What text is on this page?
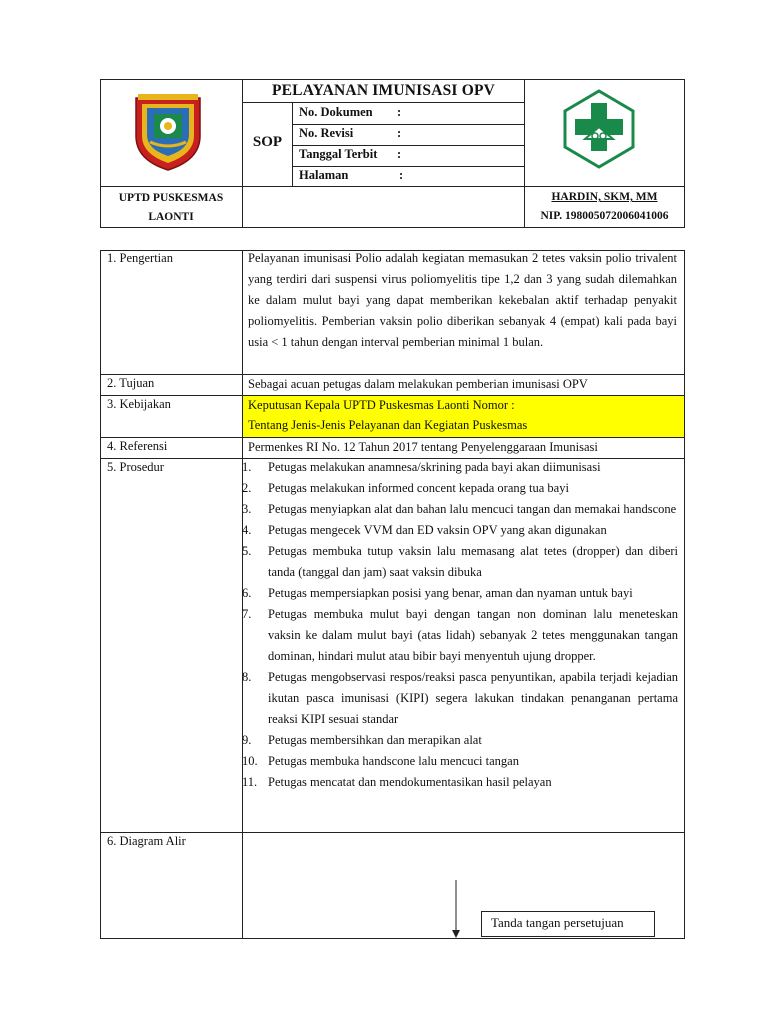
PELAYANAN IMUNISASI OPV
SOP
No. Dokumen :
No. Revisi	:
Tanggal Terbit :
Halaman	:
UPTD PUSKESMAS
LAONTI
HARDIN, SKM, MM
NIP. 198005072006041006
1. Pengertian	Pelayanan imunisasi Polio adalah kegiatan memasukan 2 tetes vaksin polio trivalent yang terdiri dari suspensi virus poliomyelitis tipe 1,2 dan 3 yang sudah dilemahkan ke dalam mulut bayi yang dapat memberikan kekebalan aktif terhadap penyakit poliomyelitis. Pemberian vaksin polio diberikan sebanyak 4 (empat) kali pada bayi usia < 1 tahun dengan interval pemberian minimal 1 bulan.
2. Tujuan	Sebagai acuan petugas dalam melakukan pemberian imunisasi OPV
3. Kebijakan	Keputusan Kepala UPTD Puskesmas Laonti Nomor :
Tentang Jenis-Jenis Pelayanan dan Kegiatan Puskesmas
4. Referensi	Permenkes RI No. 12 Tahun 2017 tentang Penyelenggaraan Imunisasi
5. Prosedur	1. Petugas melakukan anamnesa/skrining pada bayi akan diimunisasi
2. Petugas melakukan informed concent kepada orang tua bayi
3. Petugas menyiapkan alat dan bahan lalu mencuci tangan dan memakai handscone
4. Petugas mengecek VVM dan ED vaksin OPV yang akan digunakan
5. Petugas membuka tutup vaksin lalu memasang alat tetes (dropper) dan diberi tanda (tanggal dan jam) saat vaksin dibuka
6. Petugas mempersiapkan posisi yang benar, aman dan nyaman untuk bayi
7. Petugas membuka mulut bayi dengan tangan non dominan lalu meneteskan vaksin ke dalam mulut bayi (atas lidah) sebanyak 2 tetes menggunakan tangan dominan, hindari mulut atau bibir bayi menyentuh ujung dropper.
8. Petugas mengobservasi respos/reaksi pasca penyuntikan, apabila terjadi kejadian ikutan pasca imunisasi (KIPI) segera lakukan tindakan penanganan pertama reaksi KIPI sesuai standar
9. Petugas membersihkan dan merapikan alat
10. Petugas membuka handscone lalu mencuci tangan
11. Petugas mencatat dan mendokumentasikan hasil pelayan
6. Diagram Alir
Tanda tangan persetujuan
